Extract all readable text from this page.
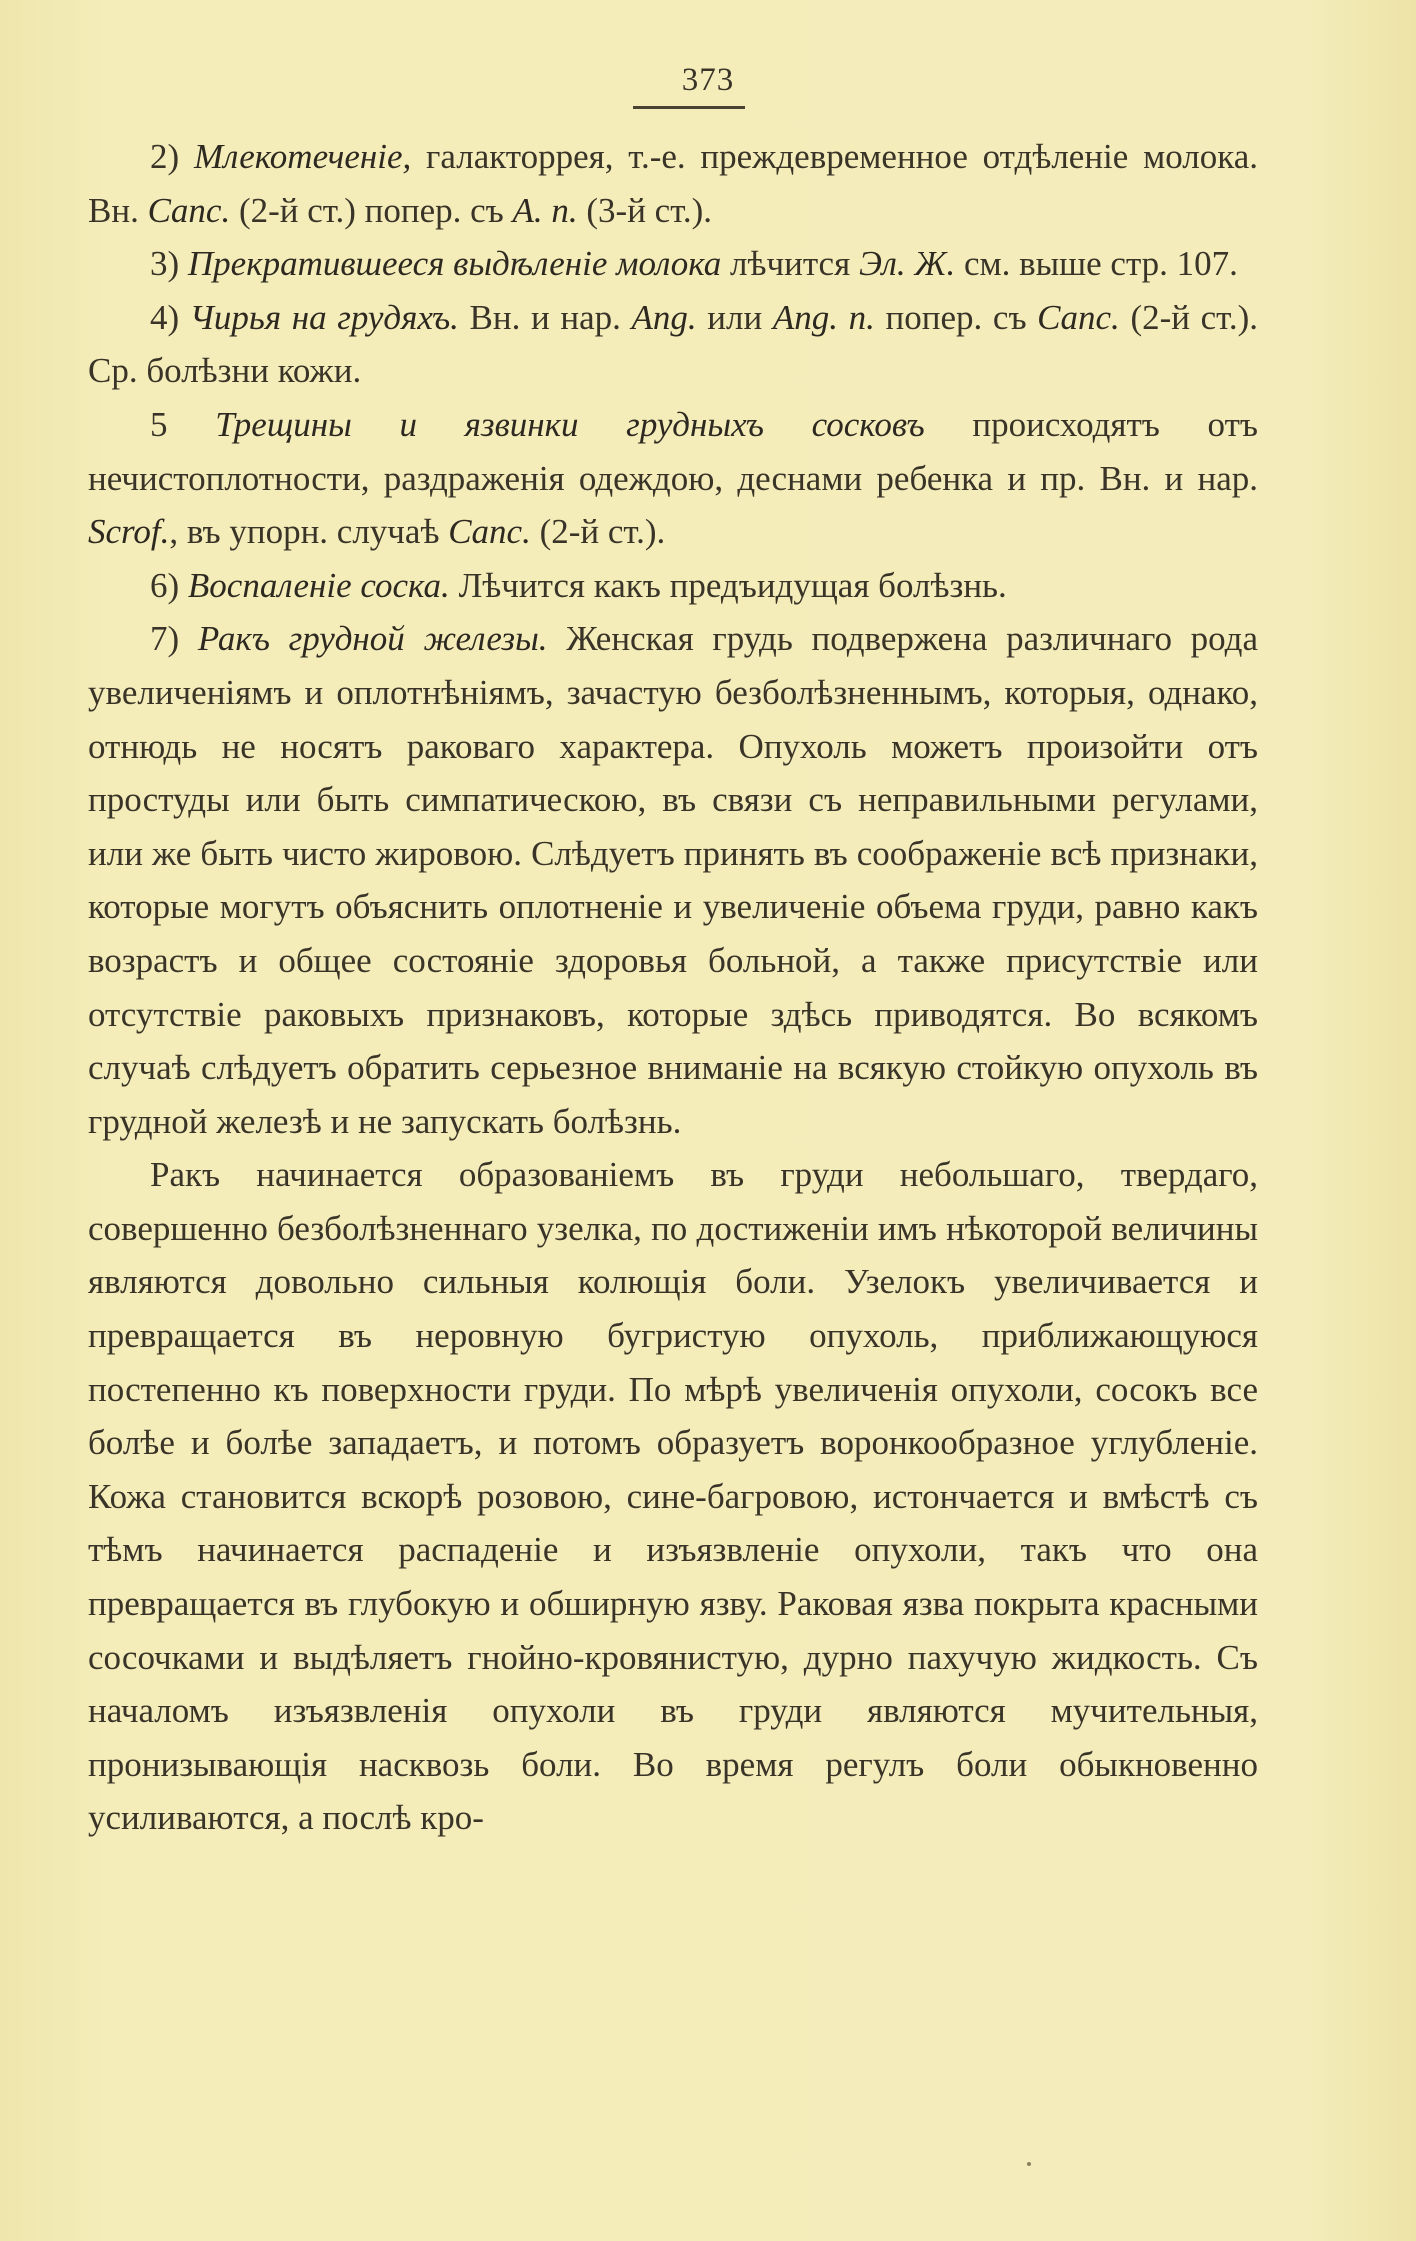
373

2) Млекотеченіе, галакторрея, т.-е. преждевременное отдѣленіе молока. Вн. Canc. (2-й ст.) попер. съ A. n. (3-й ст.).

3) Прекратившееся выдѣленіе молока лѣчится Эл. Ж. см. выше стр. 107.

4) Чирья на грудяхъ. Вн. и нар. Ang. или Ang. n. попер. съ Canc. (2-й ст.). Ср. болѣзни кожи.

5 Трещины и язвинки грудныхъ сосковъ происходятъ отъ нечистоплотности, раздраженія одеждою, деснами ребенка и пр. Вн. и нар. Scrof., въ упорн. случаѣ Canc. (2-й ст.).

6) Воспаленіе соска. Лѣчится какъ предъидущая болѣзнь.

7) Ракъ грудной железы. Женская грудь подвержена различнаго рода увеличеніямъ и оплотнѣніямъ, зачастую безболѣзненнымъ, которыя, однако, отнюдь не носятъ раковаго характера. Опухоль можетъ произойти отъ простуды или быть симпатическою, въ связи съ неправильными регулами, или же быть чисто жировою. Слѣдуетъ принять въ соображеніе всѣ признаки, которые могутъ объяснить оплотненіе и увеличеніе объема груди, равно какъ возрастъ и общее состояніе здоровья больной, а также присутствіе или отсутствіе раковыхъ признаковъ, которые здѣсь приводятся. Во всякомъ случаѣ слѣдуетъ обратить серьезное вниманіе на всякую стойкую опухоль въ грудной железѣ и не запускать болѣзнь.

Ракъ начинается образованіемъ въ груди небольшаго, твердаго, совершенно безболѣзненнаго узелка, по достиженіи имъ нѣкоторой величины являются довольно сильныя колющія боли. Узелокъ увеличивается и превращается въ неровную бугристую опухоль, приближающуюся постепенно къ поверхности груди. По мѣрѣ увеличенія опухоли, сосокъ все болѣе и болѣе западаетъ, и потомъ образуетъ воронкообразное углубленіе. Кожа становится вскорѣ розовою, сине-багровою, истончается и вмѣстѣ съ тѣмъ начинается распаденіе и изъязвленіе опухоли, такъ что она превращается въ глубокую и обширную язву. Раковая язва покрыта красными сосочками и выдѣляетъ гнойно-кровянистую, дурно пахучую жидкость. Съ началомъ изъязвленія опухоли въ груди являются мучительныя, пронизывающія насквозь боли. Во время регулъ боли обыкновенно усиливаются, а послѣ кро-
